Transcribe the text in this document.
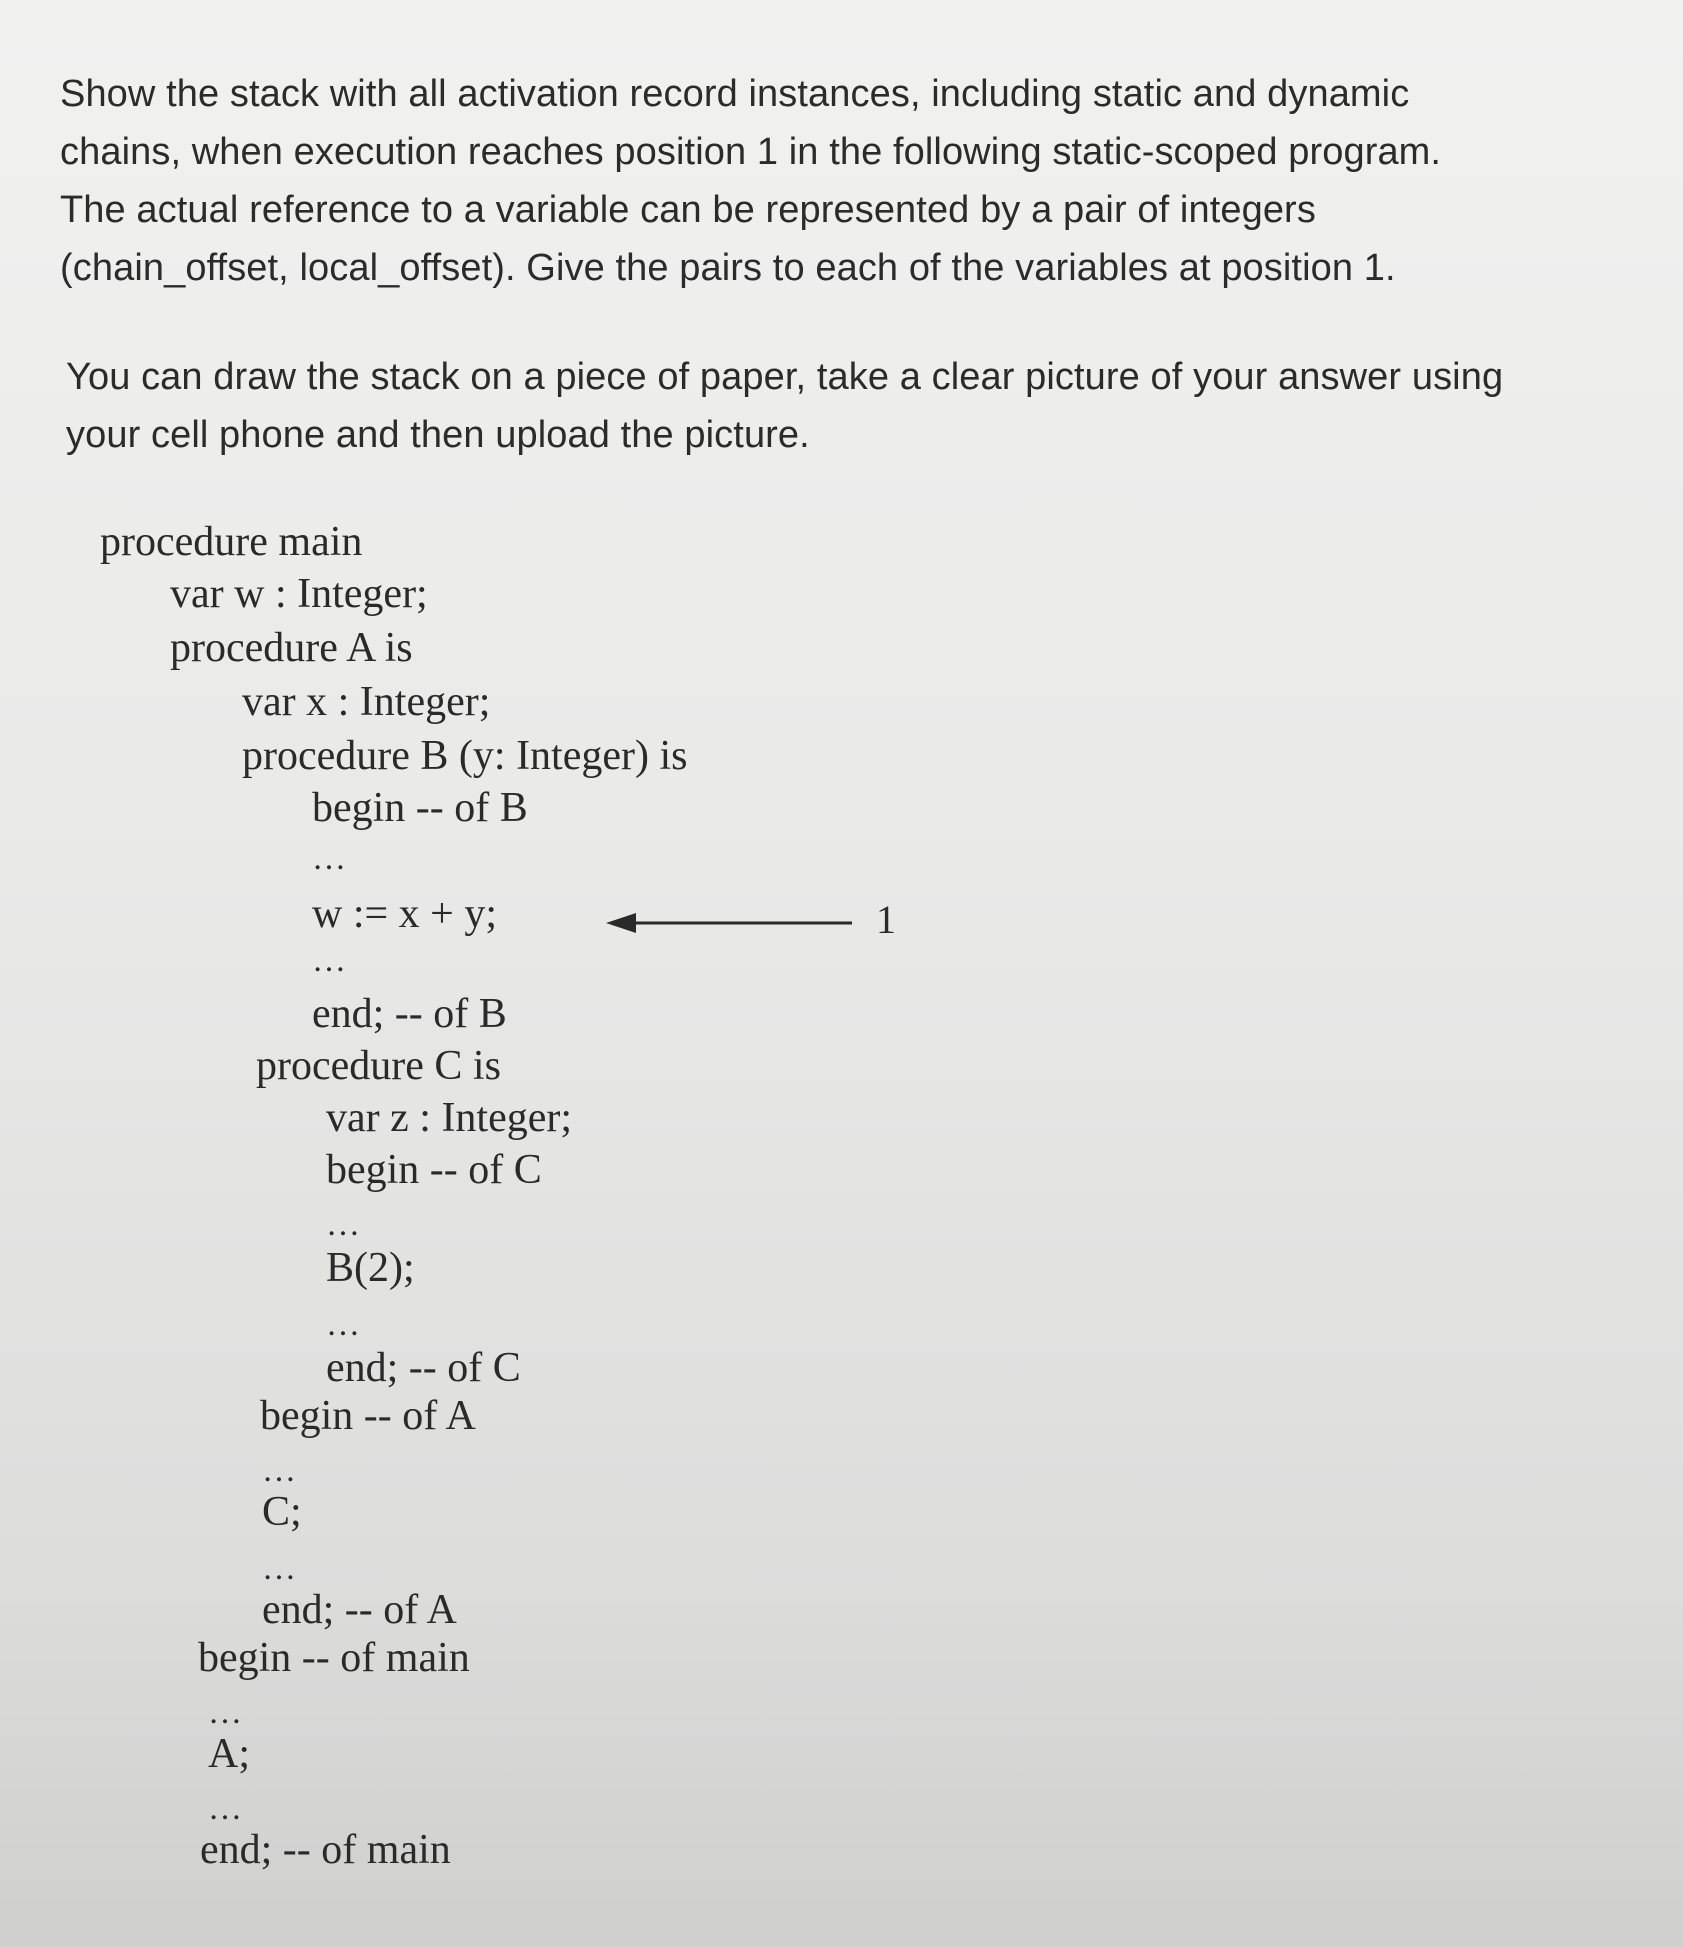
Show the stack with all activation record instances, including static and dynamic
chains, when execution reaches position 1 in the following static-scoped program.
The actual reference to a variable can be represented by a pair of integers
(chain_offset, local_offset). Give the pairs to each of the variables at position 1.
You can draw the stack on a piece of paper, take a clear picture of your answer using
your cell phone and then upload the picture.
procedure main
var w : Integer;
procedure A is
var x : Integer;
procedure B (y: Integer) is
begin -- of B
…
w := x + y;
…
end; -- of B
procedure C is
var z : Integer;
begin -- of C
…
B(2);
…
end; -- of C
begin -- of A
…
C;
…
end; -- of A
begin -- of main
…
A;
…
end; -- of main
1
